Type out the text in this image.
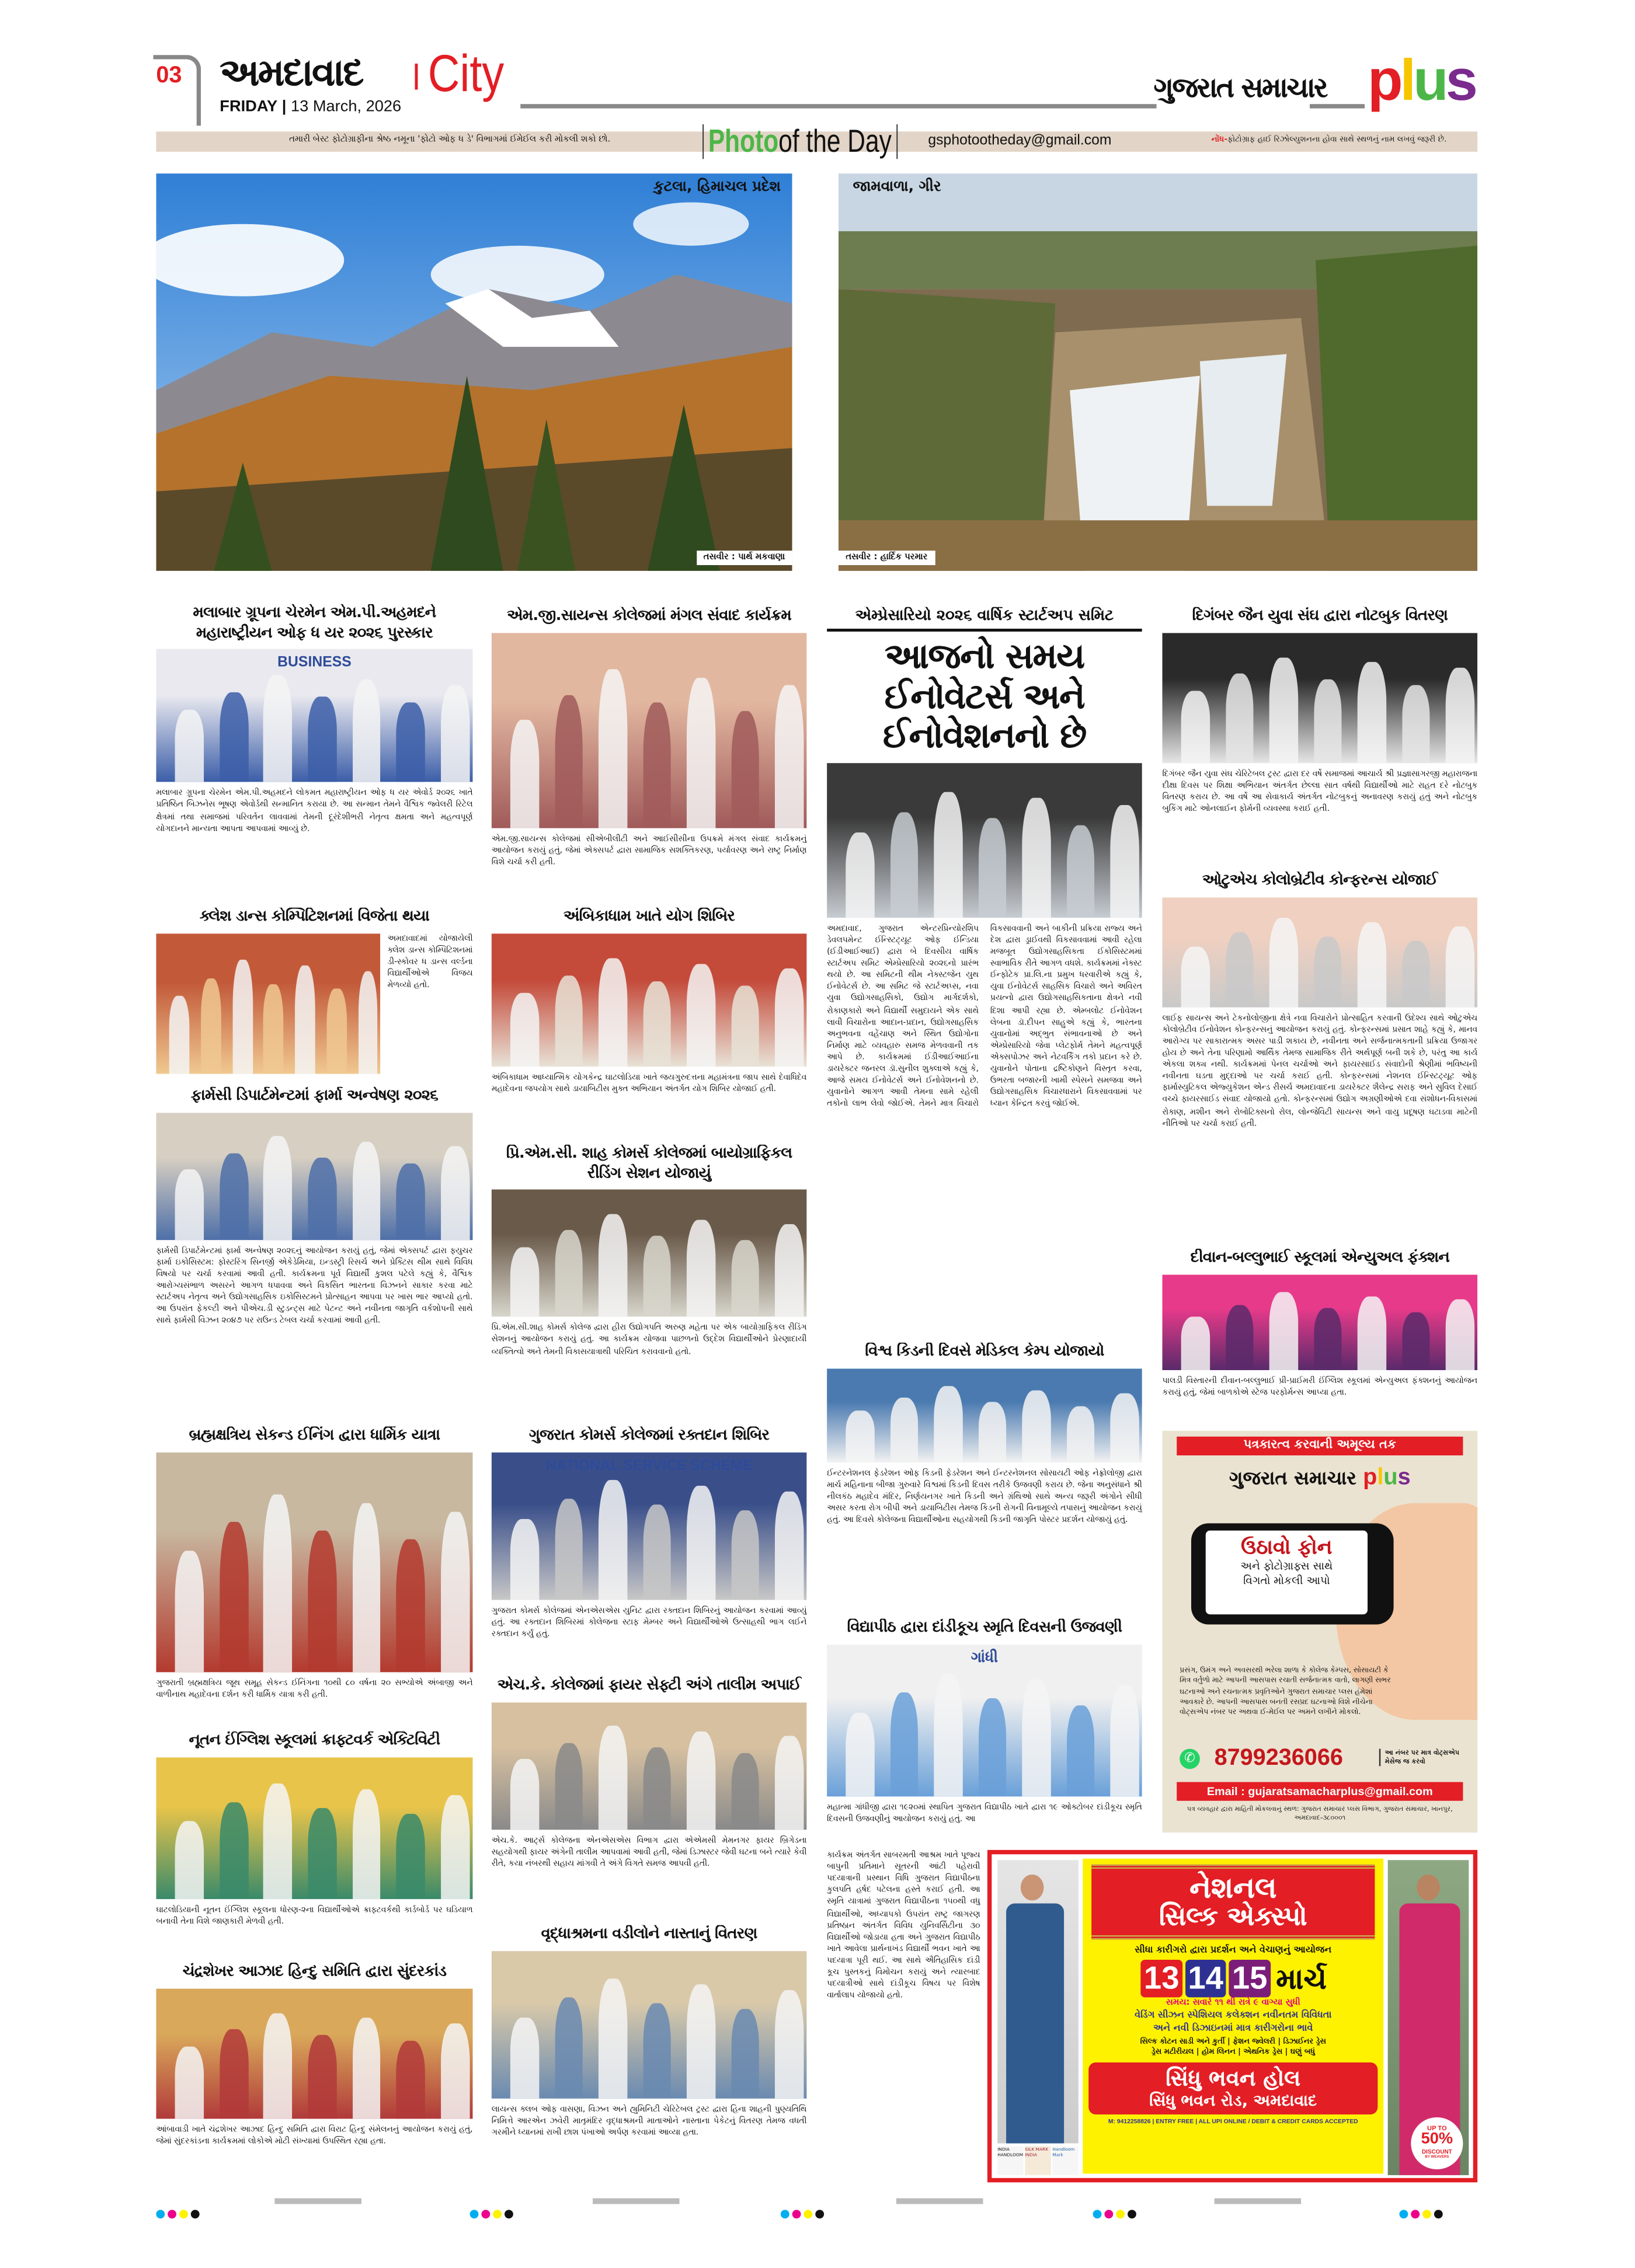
03 અમદાવાદ	City
FRIDAY | 13 March, 2026
ગુજરાત સમાચાર plus
તમારી બેસ્ટ ફોટોગ્રાફીના શ્રેષ્ઠ નમૂના 'ફોટો ઓફ ધ ડે' વિભાગમાં ઈમેઈલ કરી મોકલી શકો છો.	Photoof the Day	gsphotootheday@gmail.com	નોંધ-ફોટોગ્રાફ હાઈ રિઝોલ્યુશનના હોવા સાથે સ્થળનું નામ લખવું જરૂરી છે.
કુટલા, હિમાચલ પ્રદેશ
તસવીર : પાર્થ મકવાણા
જામવાળા, ગીર
તસવીર : હાર્દિક પરમાર
મલાબાર ગ્રૂપના ચેરમેન એમ.પી.અહમદને મહારાષ્ટ્રીયન ઓફ ધ યર ૨૦૨૬ પુરસ્કાર
BUSINESS
મલાબાર ગ્રૂપના ચેરમેન એમ.પી.અહમદને લોકમત મહારાષ્ટ્રીયન ઓફ ધ યર એવોર્ડ ૨૦૨૬ ખાતે પ્રતિષ્ઠિત બિઝનેસ ભૂષણ એવોર્ડથી સન્માનિત કરાયા છે. આ સન્માન તેમને વૈશ્વિક જ્વેલરી રિટેલ ક્ષેત્રમાં તથા સમાજમાં પરિવર્તન લાવવામાં તેમની દૂરંદેશીભરી નેતૃત્વ ક્ષમતા અને મહત્વપૂર્ણ યોગદાનને માન્યતા આપતા આપવામાં આવ્યું છે.
ક્લેશ ડાન્સ કોમ્પિટિશનમાં વિજેતા થયા
અમદાવાદમાં યોજાયેલી ક્લેશ ડાન્સ કોમ્પિટિશનમાં ડી-સ્કોવર ધ ડાન્સ વર્લ્ડના વિદ્યાર્થીઓએ વિજય મેળવ્યો હતો.
ફાર્મસી ડિપાર્ટમેન્ટમાં ફાર્મા અન્વેષણ ૨૦૨૬
ફાર્મસી ડિપાર્ટમેન્ટમાં ફાર્મા અન્વેષણ ૨૦૨૬નું આયોજન કરાયું હતું, જેમાં એક્સપર્ટ દ્વારા ફ્યુચર ફાર્મા ઇકોસિસ્ટમ: ફોસ્ટરિંગ સિનર્જી એકેડેમિયા, ઇન્ડસ્ટ્રી રિસર્ચ અને પ્રેક્ટિસ થીમ સાથે વિવિધ વિષયો પર ચર્ચા કરવામાં આવી હતી. કાર્યક્રમના પૂર્વ વિદ્યાર્થી કુશલ પટેલે કહ્યું કે, વૈશ્વિક આરોગ્યસંભાળ અસરને આગળ ધપાવવા અને વિકસિત ભારતના વિઝનને સાકાર કરવા માટે સ્ટાર્ટઅપ નેતૃત્વ અને ઉદ્યોગસાહસિક ઇકોસિસ્ટમને પ્રોત્સાહન આપવા પર ખાસ ભાર આપ્યો હતો. આ ઉપરાંત ફેકલ્ટી અને પીએચ.ડી સ્ટુડન્ટ્સ માટે પેટન્ટ અને નવીનતા જાગૃતિ વર્કશોપની સાથે સાથે ફાર્મસી વિઝન ૨૦૪૭ પર રાઉન્ડ ટેબલ ચર્ચા કરવામાં આવી હતી.
બ્રહ્મક્ષત્રિય સેકન્ડ ઈનિંગ દ્વારા ધાર્મિક યાત્રા
ગુજરાતી બ્રહ્મક્ષત્રિય જૂથ સમૂહ સેકન્ડ ઈનિંગના ૧૦થી ૮૦ વર્ષના ૨૦ સભ્યોએ અંબાજી અને વાળીનાથ મહાદેવના દર્શન કરી ધાર્મિક યાત્રા કરી હતી.
નૂતન ઈંગ્લિશ સ્કૂલમાં ક્રાફ્ટવર્ક એક્ટિવિટી
ઘાટલોડિયાની નૂતન ઈંગ્લિશ સ્કૂલના ધોરણ-૨ના વિદ્યાર્થીઓએ ક્રાફ્ટવર્કથી કાર્ડબોર્ડ પર ઘડિયાળ બનાવી તેના વિશે જાણકારી મેળવી હતી.
ચંદ્રશેખર આઝાદ હિન્દુ સમિતિ દ્વારા સુંદરકાંડ
આંબાવાડી ખાતે ચંદ્રશેખર આઝાદ હિન્દુ સમિતિ દ્વારા વિરાટ હિન્દુ સંમેલનનું આયોજન કરાયું હતું, જેમાં સુંદરકાંડના કાર્યક્રમમાં લોકોએ મોટી સંખ્યામાં ઉપસ્થિત રહ્યા હતા.
એમ.જી.સાયન્સ કોલેજમાં મંગલ સંવાદ કાર્યક્રમ
એમ.જી.સાયન્સ કોલેજમાં સીએબીલીટી અને આઈસીસીના ઉપક્રમે મંગલ સંવાદ કાર્યક્રમનું આયોજન કરાયું હતું, જેમાં એક્સપર્ટ દ્વારા સામાજિક સશક્તિકરણ, પર્યાવરણ અને રાષ્ટ્ર નિર્માણ વિશે ચર્ચા કરી હતી.
અંબિકાધામ ખાતે યોગ શિબિર
અંબિકાધામ આધ્યાત્મિક યોગકેન્દ્ર ઘાટલોડિયા ખાતે જયગુરુદત્તના મહામંત્રના જાપ સાથે દેવાધિદેવ મહાદેવના જપયોગ સાથે ડાયાબિટીસ મુક્ત અભિયાન અંતર્ગત યોગ શિબિર યોજાઈ હતી.
પ્રિ.એમ.સી. શાહ કોમર્સ કોલેજમાં બાયોગ્રાફિકલ રીડિંગ સેશન યોજાયું
પ્રિ.એમ.સી.શાહ કોમર્સ કોલેજ દ્વારા હીરા ઉદ્યોગપતિ અરુણ મહેતા પર એક બાયોગ્રાફિકલ રીડિંગ સેશનનું આયોજન કરાયું હતું. આ કાર્યક્રમ યોજવા પાછળનો ઉદ્દેશ વિદ્યાર્થીઓને પ્રેરણાદાયી વ્યક્તિત્વો અને તેમની વિકાસયાત્રાથી પરિચિત કરાવવાનો હતો.
ગુજરાત કોમર્સ કોલેજમાં રક્તદાન શિબિર
NATIONAL SERVICE SCHEME
ગુજરાત કોમર્સ કોલેજમાં એનએસએસ યુનિટ દ્વારા રક્તદાન શિબિરનું આયોજન કરવામાં આવ્યું હતું. આ રક્તદાન શિબિરમાં કોલેજના સ્ટાફ મેમ્બર અને વિદ્યાર્થીઓએ ઉત્સાહથી ભાગ લઈને રક્તદાન કર્યું હતું.
એચ.કે. કોલેજમાં ફાયર સેફ્ટી અંગે તાલીમ અપાઈ
એચ.કે. આર્ટ્સ કોલેજના એનએસએસ વિભાગ દ્વારા એએમસી મેમનગર ફાયર બ્રિગેડના સહયોગથી ફાયર અંગેની તાલીમ આપવામાં આવી હતી, જેમાં ડિઝાસ્ટર જેવી ઘટના બને ત્યારે કેવી રીતે, કયા નંબરથી સહાય માંગવી તે અંગે વિગતે સમજ આપવી હતી.
વૃદ્ધાશ્રમના વડીલોને નાસ્તાનું વિતરણ
લાયન્સ ક્લબ ઓફ વાસણા, વિઝન અને હ્યુમિનિટી ચેરિટેબલ ટ્રસ્ટ દ્વારા હિના શાહની પુણ્યતિથિ નિમિત્તે આરએન ઝવેરી માતૃમંદિર વૃદ્ધાશ્રમની માતાઓને નાસ્તાના પેકેટનું વિતરણ તેમજ વધતી ગરમીને ધ્યાનમાં રાખી છાશ પંખાઓ અર્પણ કરવામાં આવ્યા હતા.
એમ્પ્રેસારિયો ૨૦૨૬ વાર્ષિક સ્ટાર્ટઅપ સમિટ
આજનો સમય ઈનોવેટર્સ અને ઈનોવેશનનો છે
અમદાવાદ, ગુજરાત એન્ટરપ્રિન્યોરશિપ ડેવલપમેન્ટ ઈન્સ્ટિટ્યૂટ ઓફ ઈન્ડિયા (ઈડીઆઈઆઈ) દ્વારા બે દિવસીય વાર્ષિક સ્ટાર્ટઅપ સમિટ એમ્પ્રેસારિયો ૨૦૨૬નો પ્રારંભ થયો છે. આ સમિટની થીમ નેક્સ્ટજેન યુથ ઈનોવેટર્સ છે. આ સમિટ જે સ્ટાર્ટઅપ્સ, નવા યુવા ઉદ્યોગસાહસિકો, ઉદ્યોગ માર્ગદર્શકો, રોકાણકારો અને વિદ્યાર્થી સમુદાયને એક સાથે લાવી વિચારોના આદાન-પ્રદાન, ઉદ્યોગસાહસિક અનુભવના વહેંચાણ અને સ્થિત ઉદ્યોગોના નિર્માણ માટે વ્યવહારુ સમજ મેળવવાની તક આપે છે. કાર્યક્રમમાં ઈડીઆઈઆઈના ડાયરેક્ટર જનરલ ડૉ.સુનીલ શુક્લાએ કહ્યું કે, આજે સમય ઈનોવેટર્સ અને ઈનોવેશનનો છે. યુવાનોને આગળ આવી તેમના સામે રહેલી તકોનો લાભ લેવો જોઈએ. તેમને માત્ર વિચારો વિકસાવવાની અને બાકીની પ્રક્રિયા રાજ્ય અને દેશ દ્વારા ડ્રાઈવથી વિકસાવવામાં આવી રહેલા મજબૂત ઉદ્યોગસાહસિકતા ઈકોસિસ્ટમમાં સ્વાભાવિક રીતે આગળ વધશે. કાર્યક્રમમાં નેક્સ્ટ ઈન્ફોટેક પ્રા.લિ.ના પ્રમુખ ધરવારીએ કહ્યું કે, યુવા ઈનોવેટર્સ સાહસિક વિચારો અને અવિરત પ્રયત્નો દ્વારા ઉદ્યોગસાહસિકતાના ક્ષેત્રને નવી દિશા આપી રહ્યા છે. એમ્બલોટ ઈનોવેશન લેબના ડૉ.દીપન સાહુએ કહ્યું કે, ભારતના યુવાનોમાં અદ્ભુત સંભાવનાઓ છે અને એમ્પ્રેસારિયો જેવા પ્લેટફોર્મ તેમને મહત્વપૂર્ણ એક્સપોઝર અને નેટવર્કિંગ તકો પ્રદાન કરે છે. યુવાનોને પોતાના દ્રષ્ટિકોણને વિસ્તૃત કરવા, ઉભરતા બજારની ખામી સ્પેસને સમજવા અને ઉદ્યોગસાહસિક વિચારધારાને વિકસાવવામાં પર ધ્યાન કેન્દ્રિત કરવું જોઈએ.
વિશ્વ કિડની દિવસે મેડિકલ કેમ્પ યોજાયો
ઈન્ટરનેશનલ ફેડરેશન ઓફ કિડની ફેડરેશન અને ઈન્ટરનેશનલ સોસાયટી ઓફ નેફ્રોલોજી દ્વારા માર્ચ મહિનાના બીજા ગુરુવારે વિશ્વમાં કિડની દિવસ તરીકે ઉજવણી કરાય છે. જેના અનુસંધાને શ્રી નીલકંઠ મહાદેવ મંદિર, નિર્ણયનગર ખાતે કિડની અને ગ્રંથિઓ સાથે અન્ય જરૂરી અંગોને સીધી અસર કરતા રોગ બીપી અને ડાયાબિટીસ તેમજ કિડની રોગની વિનામૂલ્યે તપાસનું આયોજન કરાયું હતું. આ દિવસે કોલેજના વિદ્યાર્થીઓના સહયોગથી કિડની જાગૃતિ પોસ્ટર પ્રદર્શન યોજાયું હતું.
વિદ્યાપીઠ દ્વારા દાંડીકૂચ સ્મૃતિ દિવસની ઉજવણી
ગાંધી
મહાત્મા ગાંધીજી દ્વારા ૧૯૨૦માં સ્થાપિત ગુજરાત વિદ્યાપીઠ ખાતે દ્વારા ૧૯ ઓક્ટોબર દાંડીકૂચ સ્મૃતિ દિવસની ઉજવણીનું આયોજન કરાયું હતું. આ
કાર્યક્રમ અંતર્ગત સાબરમતી આશ્રમ ખાતે પૂજ્ય બાપુની પ્રતિમાને સૂતરની આંટી પહેરાવી પદયાત્રાની પ્રસ્થાન વિધિ ગુજરાત વિદ્યાપીઠના કુલપતિ હર્ષદ પટેલના હસ્તે કરાઈ હતી. આ સ્મૃતિ યાત્રામાં ગુજરાત વિદ્યાપીઠના ૧૫૦થી વધુ વિદ્યાર્થીઓ, અધ્યાપકો ઉપરાંત રાષ્ટ્ર જાગરણ પ્રતિષ્ઠાન અંતર્ગત વિવિધ યુનિવર્સિટીના ૩૦ વિદ્યાર્થીઓ જોડાયા હતા અને ગુજરાત વિદ્યાપીઠ ખાતે આવેલા પ્રાર્થનાખંડ વિદ્યાર્થી ભવન ખાતે આ પદયાત્રા પૂરી થઈ. આ સાથે ઐતિહાસિક દાંડી કૂચ પુસ્તકનું વિમોચન કરાયું અને ત્યારબાદ પદયાત્રીઓ સાથે દાંડીકૂચ વિષય પર વિશેષ વાર્તાલાપ યોજાયો હતો.
દિગંબર જૈન યુવા સંઘ દ્વારા નોટબુક વિતરણ
દિગંબર જૈન યુવા સંઘ ચેરિટેબલ ટ્રસ્ટ દ્વારા દર વર્ષે સમાજમાં આચાર્ય શ્રી પ્રજ્ઞાસાગરજી મહારાજના દીક્ષા દિવસ પર શિક્ષા અભિયાન અંતર્ગત છેલ્લા સાત વર્ષથી વિદ્યાર્થીઓ માટે રાહત દરે નોટબુક વિતરણ કરાય છે. આ વર્ષે આ સેવાકાર્ય અંતર્ગત નોટબુકનું અનાવરણ કરાયું હતું અને નોટબુક બુકિંગ માટે ઓનલાઈન ફોર્મની વ્યવસ્થા કરાઈ હતી.
ઓટુએચ કોલોબ્રેટીવ કોન્ફરન્સ યોજાઈ
લાઈફ સાયન્સ અને ટેકનોલોજીના ક્ષેત્રે નવા વિચારોને પ્રોત્સાહિત કરવાની ઉદેશ્ય સાથે ઓટુએચ કોલોબ્રેટીવ ઈનોવેશન કોન્ફરન્સનું આયોજન કરાયું હતું. કોન્ફરન્સમાં પ્રસાત શાહે કહ્યું કે, માનવ આરોગ્ય પર સાકારાત્મક અસર પાડી શકાય છે, નવીનતા અને સર્જનાત્મકતાની પ્રક્રિયા ઉજાગર હોય છે અને તેના પરિણામો આર્થિક તેમજ સામાજિક રીતે અર્થપૂર્ણ બની શકે છે, પરંતુ આ કાર્ય એકલા શક્ય નથી. કાર્યક્રમમાં પેનલ ચર્ચાઓ અને ફાયરસાઈડ સંવાદોની શ્રેણીમાં ભવિષ્યની નવીનતા ઘડતા મુદ્દાઓ પર ચર્ચા કરાઈ હતી. કોન્ફરન્સમાં નેશનલ ઈન્સ્ટિટ્યૂટ ઓફ ફાર્માસ્યુટિકલ એજ્યુકેશન એન્ડ રીસર્ચ અમદાવાદના ડાયરેક્ટર શૈલેન્દ્ર સરાફ અને સુવિલ દેસાઈ વચ્ચે ફાયરસાઈડ સંવાદ યોજાયો હતો. કોન્ફરન્સમાં ઉદ્યોગ અગ્રણીઓએ દવા સંશોધન-વિકાસમાં રોકાણ, મશીન અને રોબોટિક્સનો રોલ, લોન્જેવિટી સાયન્સ અને વાયુ પ્રદૂષણ ઘટાડવા માટેની નીતિઓ પર ચર્ચા કરાઈ હતી.
દીવાન-બલ્લુભાઈ સ્કૂલમાં એન્યુઅલ ફંક્શન
પાલડી વિસ્તારની દીવાન-બલ્લુભાઈ પ્રી-પ્રાઈમરી ઈંગ્લિશ સ્કૂલમાં એન્યુઅલ ફંક્શનનું આયોજન કરાયું હતું, જેમાં બાળકોએ સ્ટેજ પરફોર્મન્સ આપ્યા હતા.
પત્રકારત્વ કરવાની અમૂલ્ય તક
ગુજરાત સમાચાર plus
ઉઠાવો ફોન
અને ફોટોગ્રાફ્સ સાથે
વિગતો મોકલી આપો
પ્રસંગ, ઉમંગ અને અવસરથી ભરેલા શાળા કે કોલેજ કેમ્પસ, સોસાયટી કે મિત્ર વર્તુળો માટે આપની આસપાસ રચાતી સર્જનાત્મક વાતો, લાગણી સભર ઘટનાઓ અને રચનાત્મક પ્રવૃતિઓને ગુજરાત સમાચાર પ્લસ હંમેશાં આવકારે છે. આપની આસપાસ બનતી રસપ્રદ ઘટનાઓ વિશે નીચેના વોટ્સએપ નંબર પર અથવા ઈ-મેઈલ પર અમને લખીને મોકલો.
✆	8799236066	આ નંબર પર માત્ર વોટ્સએપ મેસેજ જ કરવો
Email : gujaratsamacharplus@gmail.com
પત્ર વ્યવહાર દ્વારા માહિતી મોકલવાનું સ્થળ: ગુજરાત સમાચાર પ્લસ વિભાગ, ગુજરાત સમાચાર, ખાનપુર, અમદાવાદ-૩૮૦૦૦૧
INDIA HANDLOOM
SILK MARK INDIA
Handloom Mark
નેશનલ
સિલ્ક એક્સ્પો
સીધા કારીગરો દ્વારા પ્રદર્શન અને વેચાણનું આયોજન
13 14 15 માર્ચ
સમય: સવારે ૧૧ થી રાત્રે ૯ વાગ્યા સુધી
વેડિંગ સીઝન સ્પેશિયલ કલેક્શન નવીનતમ વિવિધતા
અને નવી ડિઝાઇનમાં માત્ર કારીગરોના ભાવે
સિલ્ક કોટન સાડી અને કુર્તી | ફેશન જ્વેલરી | ડિઝાઈનર ડ્રેસ
ડ્રેસ મટીરીયલ | હોમ લિનન | એથનિક ડ્રેસ | ઘણું બધું
સિંધુ ભવન હોલ
સિંધુ ભવન રોડ, અમદાવાદ
M: 9412258826 | ENTRY FREE | ALL UPI ONLINE / DEBIT & CREDIT CARDS ACCEPTED
UP TO
50%
DISCOUNT
BY WEAVERS
